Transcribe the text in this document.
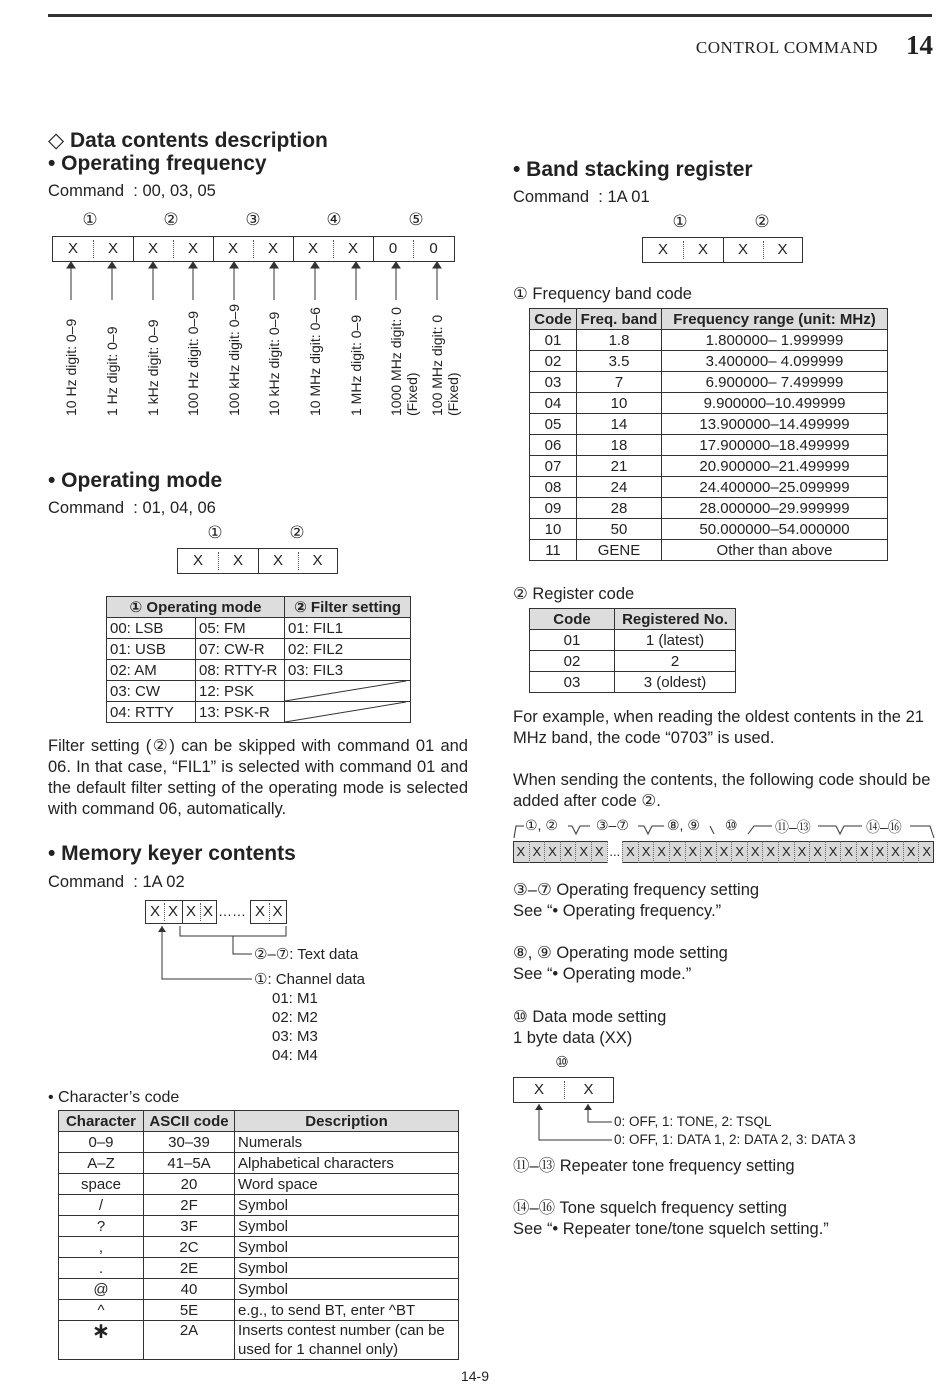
CONTROL COMMAND 14
◇ Data contents description
• Operating frequency
Command  : 00, 03, 05
①	②	③	④	⑤
X	X	X	X	X	X	X	X	0	0
10 Hz digit: 0–9 1 Hz digit: 0–9 1 kHz digit: 0–9 100 Hz digit: 0–9 100 kHz digit: 0–9 10 kHz digit: 0–9 10 MHz digit: 0–6 1 MHz digit: 0–9 1000 MHz digit: 0 (Fixed) 100 MHz digit: 0 (Fixed)
• Operating mode
Command  : 01, 04, 06
①	②
X	X	X	X
① Operating mode		② Filter setting
00: LSB	05: FM	01: FIL1
01: USB	07: CW-R	02: FIL2
02: AM	08: RTTY-R	03: FIL3
03: CW	12: PSK	

04: RTTY	13: PSK-R	
Filter setting (②) can be skipped with command 01 and 06. In that case, “FIL1” is selected with command 01 and the default filter setting of the operating mode is selected with command 06, automatically.
• Memory keyer contents
Command  : 1A 02
X X X X …… X X
②–⑦: Text data
①: Channel data
01: M1
02: M2
03: M3
04: M4
• Character’s code
Character	ASCII code	Description
0–9	30–39	Numerals
A–Z	41–5A	Alphabetical characters
space	20	Word space
/	2F	Symbol
?	3F	Symbol
,	2C	Symbol
.	2E	Symbol
@	40	Symbol
^	5E	e.g., to send BT, enter ^BT
∗	2A	Inserts contest number (can be used for 1 channel only)
• Band stacking register
Command  : 1A 01
①	②
X	X	X	X
① Frequency band code
Code	Freq. band	Frequency range (unit: MHz)
01	1.8	1.800000– 1.999999
02	3.5	3.400000– 4.099999
03	7	6.900000– 7.499999
04	10	9.900000–10.499999
05	14	13.900000–14.499999
06	18	17.900000–18.499999
07	21	20.900000–21.499999
08	24	24.400000–25.099999
09	28	28.000000–29.999999
10	50	50.000000–54.000000
11	GENE	Other than above
② Register code
Code	Registered No.
01	1 (latest)
02	2
03	3 (oldest)
For example, when reading the oldest contents in the 21 MHz band, the code “0703” is used.
When sending the contents, the following code should be added after code ②.
①, ②	③–⑦	⑧, ⑨ ⑩	⑪–⑬	⑭–⑯
X X X X X X ... X X X X X X X X X X X X X X X X X X X X
③–⑦ Operating frequency setting
See “• Operating frequency.”
⑧, ⑨ Operating mode setting
See “• Operating mode.”
⑩ Data mode setting
1 byte data (XX)
⑩
X	X
0: OFF, 1: TONE, 2: TSQL
0: OFF, 1: DATA 1, 2: DATA 2, 3: DATA 3
⑪–⑬ Repeater tone frequency setting
⑭–⑯ Tone squelch frequency setting
See “• Repeater tone/tone squelch setting.”
14-9
